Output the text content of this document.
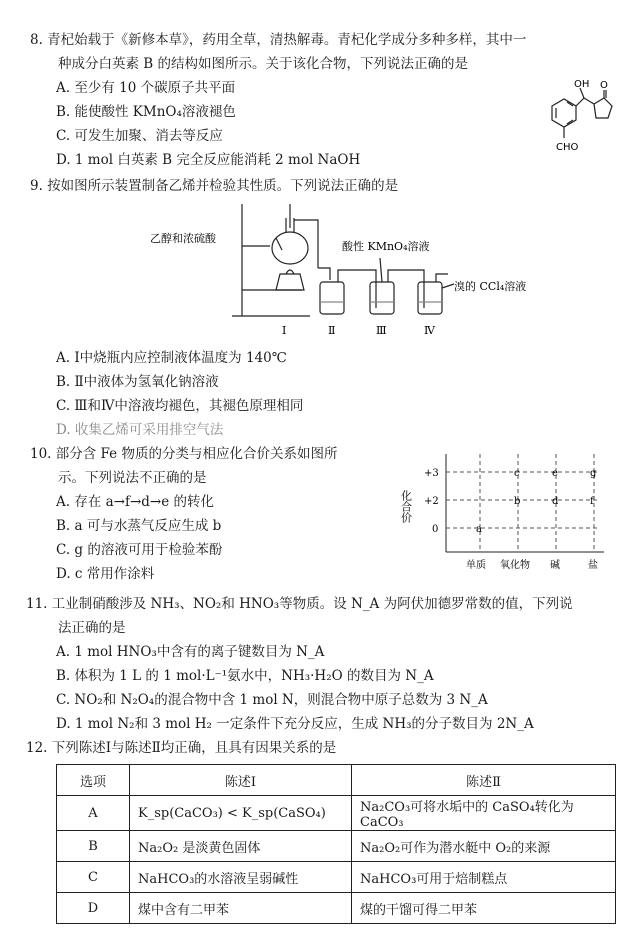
8. 青杞始载于《新修本草》，药用全草，清热解毒。青杞化学成分多种多样，其中一
种成分白英素 B 的结构如图所示。关于该化合物，下列说法正确的是
A. 至少有 10 个碳原子共平面
B. 能使酸性 KMnO₄溶液褪色
C. 可发生加聚、消去等反应
D. 1 mol 白英素 B 完全反应能消耗 2 mol NaOH
OH O
CHO
9. 按如图所示装置制备乙烯并检验其性质。下列说法正确的是
乙醇和浓硫酸
酸性 KMnO₄溶液
溴的 CCl₄溶液
Ⅰ	Ⅱ	Ⅲ	Ⅳ
A. Ⅰ中烧瓶内应控制液体温度为 140℃
B. Ⅱ中液体为氢氧化钠溶液
C. Ⅲ和Ⅳ中溶液均褪色，其褪色原理相同
D. 收集乙烯可采用排空气法
10. 部分含 Fe 物质的分类与相应化合价关系如图所
示。下列说法不正确的是
A. 存在 a→f→d→e 的转化
B. a 可与水蒸气反应生成 b
C. g 的溶液可用于检验苯酚
D. c 常用作涂料
化合价
+3
+2
0
单质 氧化物 碱	盐
a
b
c
d
e
f
g
11. 工业制硝酸涉及 NH₃、NO₂和 HNO₃等物质。设 N_A 为阿伏加德罗常数的值，下列说
法正确的是
A. 1 mol HNO₃中含有的离子键数目为 N_A
B. 体积为 1 L 的 1 mol·L⁻¹氨水中，NH₃·H₂O 的数目为 N_A
C. NO₂和 N₂O₄的混合物中含 1 mol N，则混合物中原子总数为 3 N_A
D. 1 mol N₂和 3 mol H₂ 一定条件下充分反应，生成 NH₃的分子数目为 2N_A
12. 下列陈述Ⅰ与陈述Ⅱ均正确，且具有因果关系的是
选项	陈述Ⅰ	陈述Ⅱ
A	K_sp(CaCO₃) < K_sp(CaSO₄)	Na₂CO₃可将水垢中的 CaSO₄转化为 CaCO₃
B	Na₂O₂ 是淡黄色固体	Na₂O₂可作为潜水艇中 O₂的来源
C	NaHCO₃的水溶液呈弱碱性	NaHCO₃可用于焙制糕点
D	煤中含有二甲苯	煤的干馏可得二甲苯
